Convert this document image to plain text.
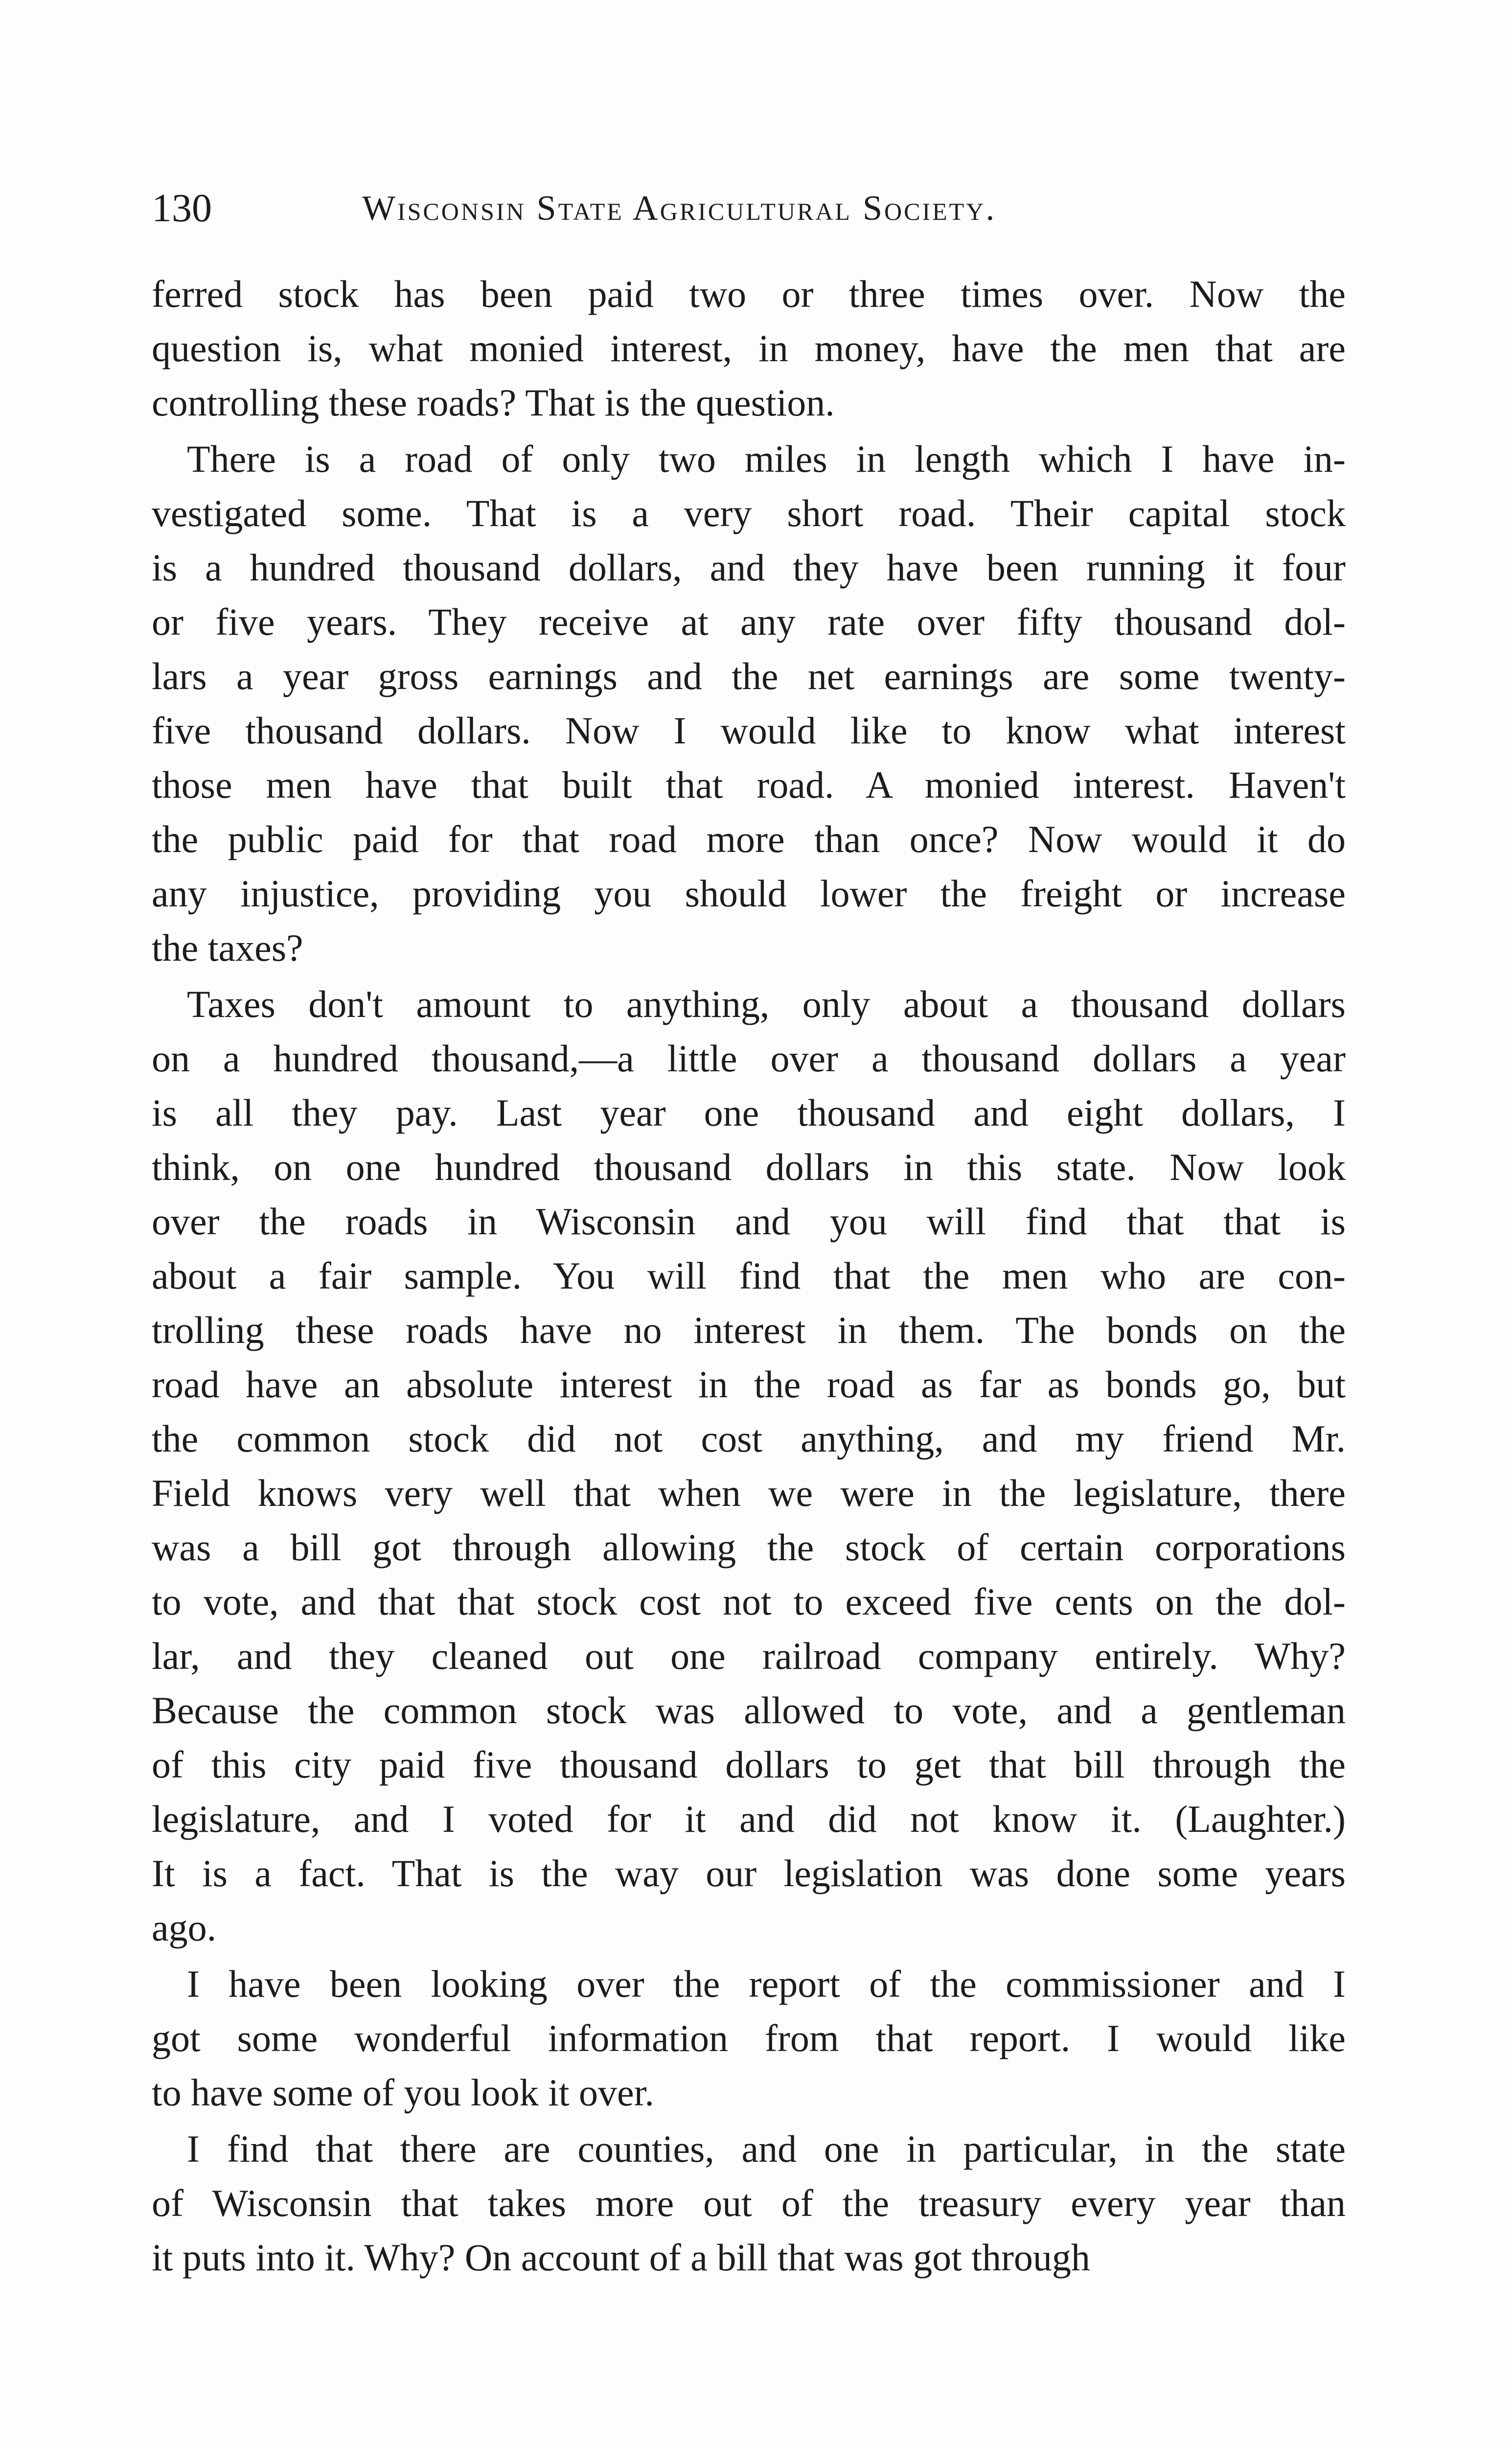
130	Wisconsin State Agricultural Society.
ferred stock has been paid two or three times over. Now the
question is, what monied interest, in money, have the men that are
controlling these roads? That is the question.
There is a road of only two miles in length which I have in-
vestigated some. That is a very short road. Their capital stock
is a hundred thousand dollars, and they have been running it four
or five years. They receive at any rate over fifty thousand dol-
lars a year gross earnings and the net earnings are some twenty-
five thousand dollars. Now I would like to know what interest
those men have that built that road. A monied interest. Haven't
the public paid for that road more than once? Now would it do
any injustice, providing you should lower the freight or increase
the taxes?
Taxes don't amount to anything, only about a thousand dollars
on a hundred thousand,—a little over a thousand dollars a year
is all they pay. Last year one thousand and eight dollars, I
think, on one hundred thousand dollars in this state. Now look
over the roads in Wisconsin and you will find that that is
about a fair sample. You will find that the men who are con-
trolling these roads have no interest in them. The bonds on the
road have an absolute interest in the road as far as bonds go, but
the common stock did not cost anything, and my friend Mr.
Field knows very well that when we were in the legislature, there
was a bill got through allowing the stock of certain corporations
to vote, and that that stock cost not to exceed five cents on the dol-
lar, and they cleaned out one railroad company entirely. Why?
Because the common stock was allowed to vote, and a gentleman
of this city paid five thousand dollars to get that bill through the
legislature, and I voted for it and did not know it. (Laughter.)
It is a fact. That is the way our legislation was done some years
ago.
I have been looking over the report of the commissioner and I
got some wonderful information from that report. I would like
to have some of you look it over.
I find that there are counties, and one in particular, in the state
of Wisconsin that takes more out of the treasury every year than
it puts into it. Why? On account of a bill that was got through
